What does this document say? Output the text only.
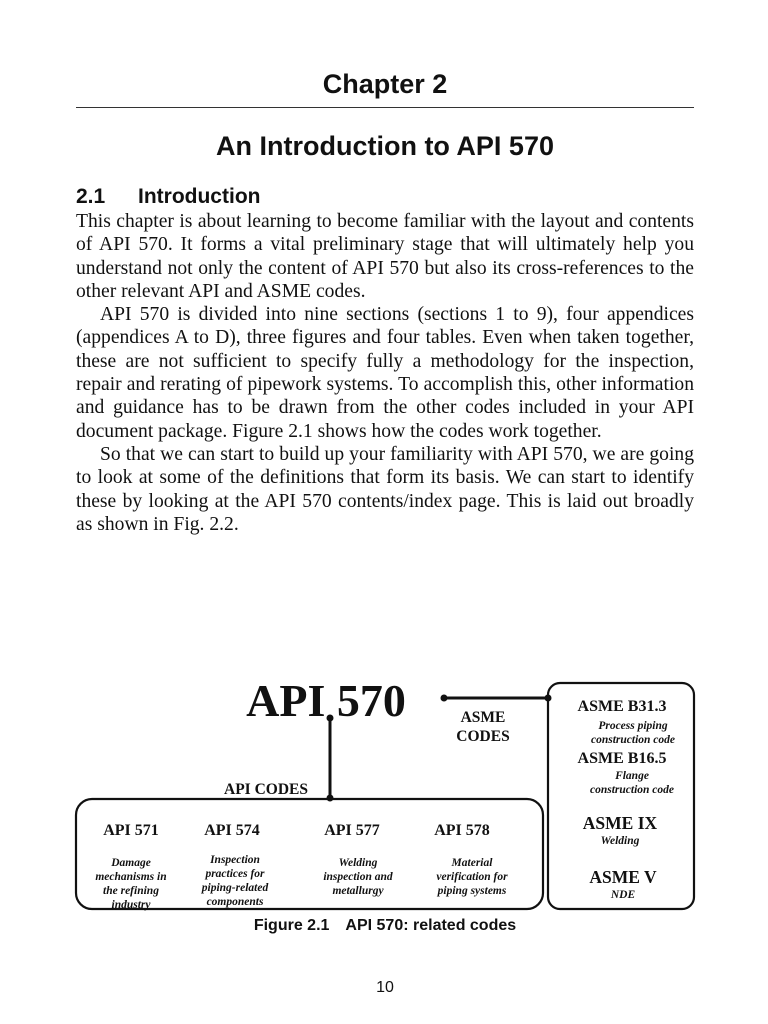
Chapter 2
An Introduction to API 570
2.1 Introduction

This chapter is about learning to become familiar with the layout and contents of API 570. It forms a vital preliminary stage that will ultimately help you understand not only the content of API 570 but also its cross-references to the other relevant API and ASME codes.

API 570 is divided into nine sections (sections 1 to 9), four appendices (appendices A to D), three figures and four tables. Even when taken together, these are not sufficient to specify fully a methodology for the inspection, repair and rerating of pipework systems. To accomplish this, other information and guidance has to be drawn from the other codes included in your API document package. Figure 2.1 shows how the codes work together.

So that we can start to build up your familiarity with API 570, we are going to look at some of the definitions that form its basis. We can start to identify these by looking at the API 570 contents/index page. This is laid out broadly as shown in Fig. 2.2.

API 570	ASME
CODES
API CODES
API 571
Damage
mechanisms in
the refining
industry
API 574
Inspection
practices for
piping-related
components
API 577
Welding
inspection and
metallurgy
API 578
Material
verification for
piping systems
ASME B31.3
Process piping
construction code
ASME B16.5
Flange
construction code
ASME IX
Welding
ASME V
NDE
Figure 2.1 API 570: related codes
10
